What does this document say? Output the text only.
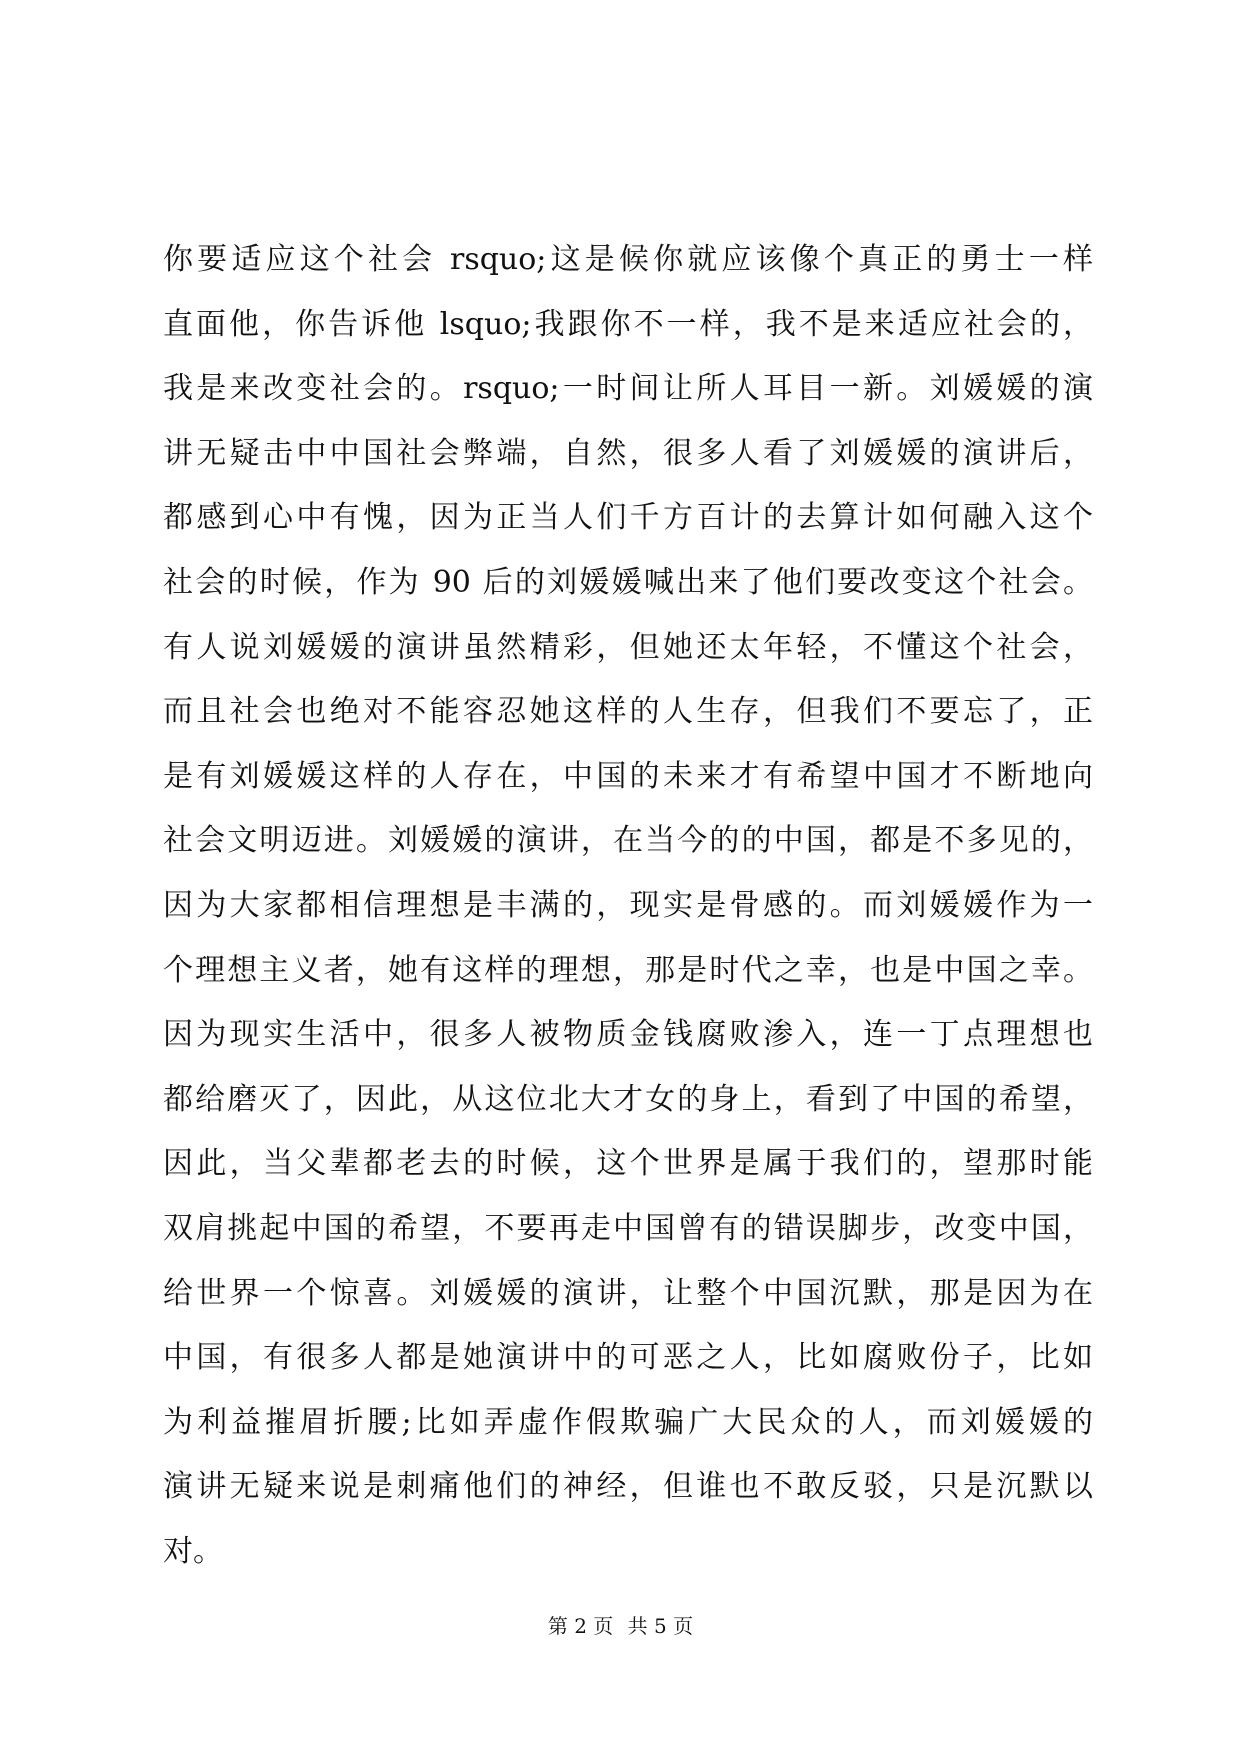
你要适应这个社会 rsquo;这是候你就应该像个真正的勇士一样
直面他，你告诉他 lsquo;我跟你不一样，我不是来适应社会的，
我是来改变社会的。rsquo;一时间让所人耳目一新。刘媛媛的演
讲无疑击中中国社会弊端，自然，很多人看了刘媛媛的演讲后，
都感到心中有愧，因为正当人们千方百计的去算计如何融入这个
社会的时候，作为 90 后的刘媛媛喊出来了他们要改变这个社会。
有人说刘媛媛的演讲虽然精彩，但她还太年轻，不懂这个社会，
而且社会也绝对不能容忍她这样的人生存，但我们不要忘了，正
是有刘媛媛这样的人存在，中国的未来才有希望中国才不断地向
社会文明迈进。刘媛媛的演讲，在当今的的中国，都是不多见的，
因为大家都相信理想是丰满的，现实是骨感的。而刘媛媛作为一
个理想主义者，她有这样的理想，那是时代之幸，也是中国之幸。
因为现实生活中，很多人被物质金钱腐败渗入，连一丁点理想也
都给磨灭了，因此，从这位北大才女的身上，看到了中国的希望，
因此，当父辈都老去的时候，这个世界是属于我们的，望那时能
双肩挑起中国的希望，不要再走中国曾有的错误脚步，改变中国，
给世界一个惊喜。刘媛媛的演讲，让整个中国沉默，那是因为在
中国，有很多人都是她演讲中的可恶之人，比如腐败份子，比如
为利益摧眉折腰;比如弄虚作假欺骗广大民众的人，而刘媛媛的
演讲无疑来说是刺痛他们的神经，但谁也不敢反驳，只是沉默以
对。
第 2 页 共 5 页
